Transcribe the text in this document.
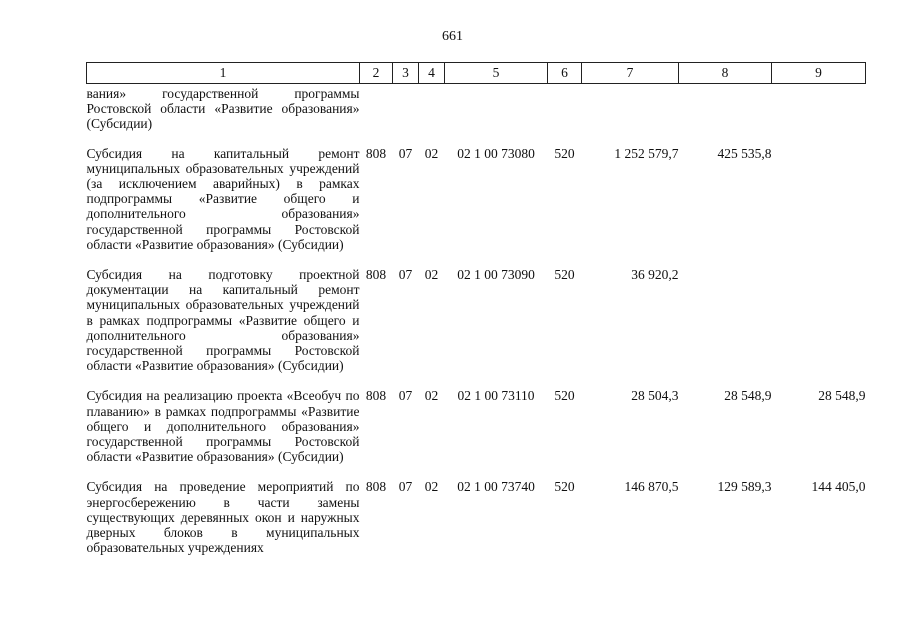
661
1	2	3	4	5	6	7	8	9
вания» государственной программы Ростовской области «Развитие образования» (Субсидии)								
Субсидия на капитальный ремонт муниципальных образовательных учреждений (за исключением аварийных) в рамках подпрограммы «Развитие общего и дополнительного образования» государственной программы Ростовской области «Развитие образования» (Субсидии)	808	07	02	02 1 00 73080	520	1 252 579,7	425 535,8	
Субсидия на подготовку проектной документации на капитальный ремонт муниципальных образовательных учреждений в рамках подпрограммы «Развитие общего и дополнительного образования» государственной программы Ростовской области «Развитие образования» (Субсидии)	808	07	02	02 1 00 73090	520	36 920,2		
Субсидия на реализацию проекта «Всеобуч по плаванию» в рамках подпрограммы «Развитие общего и дополнительного образования» государственной программы Ростовской области «Развитие образования» (Субсидии)	808	07	02	02 1 00 73110	520	28 504,3	28 548,9	28 548,9
Субсидия на проведение мероприятий по энергосбережению в части замены существующих деревянных окон и наружных дверных блоков в муниципальных образовательных учреждениях	808	07	02	02 1 00 73740	520	146 870,5	129 589,3	144 405,0
